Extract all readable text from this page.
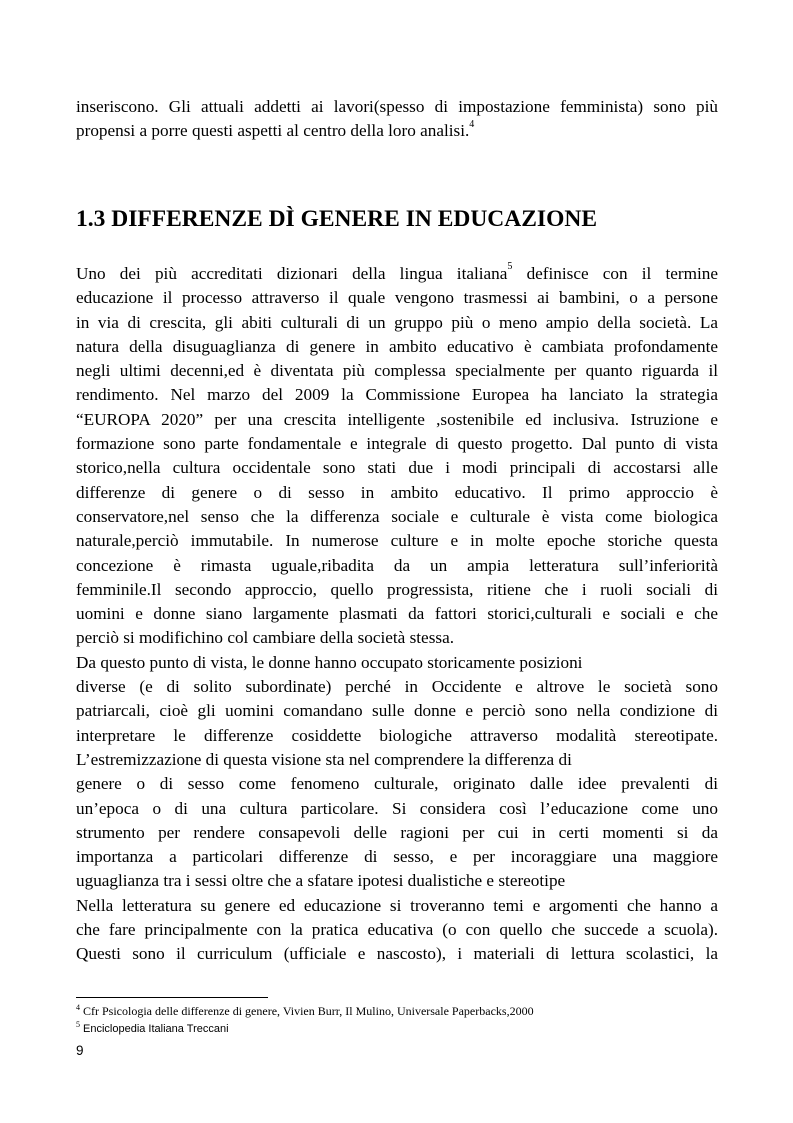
inseriscono. Gli attuali addetti ai lavori(spesso di impostazione femminista) sono più
propensi a porre questi aspetti al centro della loro analisi.$^4$
1.3 DIFFERENZE DÌ GENERE IN EDUCAZIONE
Uno dei più accreditati dizionari della lingua italiana$^5$ definisce con il termine
educazione il processo attraverso il quale vengono trasmessi ai bambini, o a persone
in via di crescita, gli abiti culturali di un gruppo più o meno ampio della società. La
natura della disuguaglianza di genere in ambito educativo è cambiata profondamente
negli ultimi decenni,ed è diventata più complessa specialmente per quanto riguarda il
rendimento. Nel marzo del 2009 la Commissione Europea ha lanciato la strategia
“EUROPA 2020” per una crescita intelligente ,sostenibile ed inclusiva. Istruzione e
formazione sono parte fondamentale e integrale di questo progetto. Dal punto di vista
storico,nella cultura occidentale sono stati due i modi principali di accostarsi alle
differenze di genere o di sesso in ambito educativo. Il primo approccio è
conservatore,nel senso che la differenza sociale e culturale è vista come biologica
naturale,perciò immutabile. In numerose culture e in molte epoche storiche questa
concezione è rimasta uguale,ribadita da un ampia letteratura sull’inferiorità
femminile.Il secondo approccio, quello progressista, ritiene che i ruoli sociali di
uomini e donne siano largamente plasmati da fattori storici,culturali e sociali e che
perciò si modifichino col cambiare della società stessa.
Da questo punto di vista, le donne hanno occupato storicamente posizioni
diverse (e di solito subordinate) perché in Occidente e altrove le società sono
patriarcali, cioè gli uomini comandano sulle donne e perciò sono nella condizione di
interpretare le differenze cosiddette biologiche attraverso modalità stereotipate.
L’estremizzazione di questa visione sta nel comprendere la differenza di
genere o di sesso come fenomeno culturale, originato dalle idee prevalenti di
un’epoca o di una cultura particolare. Si considera così l’educazione come uno
strumento per rendere consapevoli delle ragioni per cui in certi momenti si da
importanza a particolari differenze di sesso, e per incoraggiare una maggiore
uguaglianza tra i sessi oltre che a sfatare ipotesi dualistiche e stereotipe
Nella letteratura su genere ed educazione si troveranno temi e argomenti che hanno a
che fare principalmente con la pratica educativa (o con quello che succede a scuola).
Questi sono il curriculum (ufficiale e nascosto), i materiali di lettura scolastici, la
$^4$ Cfr Psicologia delle differenze di genere, Vivien Burr, Il Mulino, Universale Paperbacks,2000
$^5$ Enciclopedia Italiana Treccani
9
